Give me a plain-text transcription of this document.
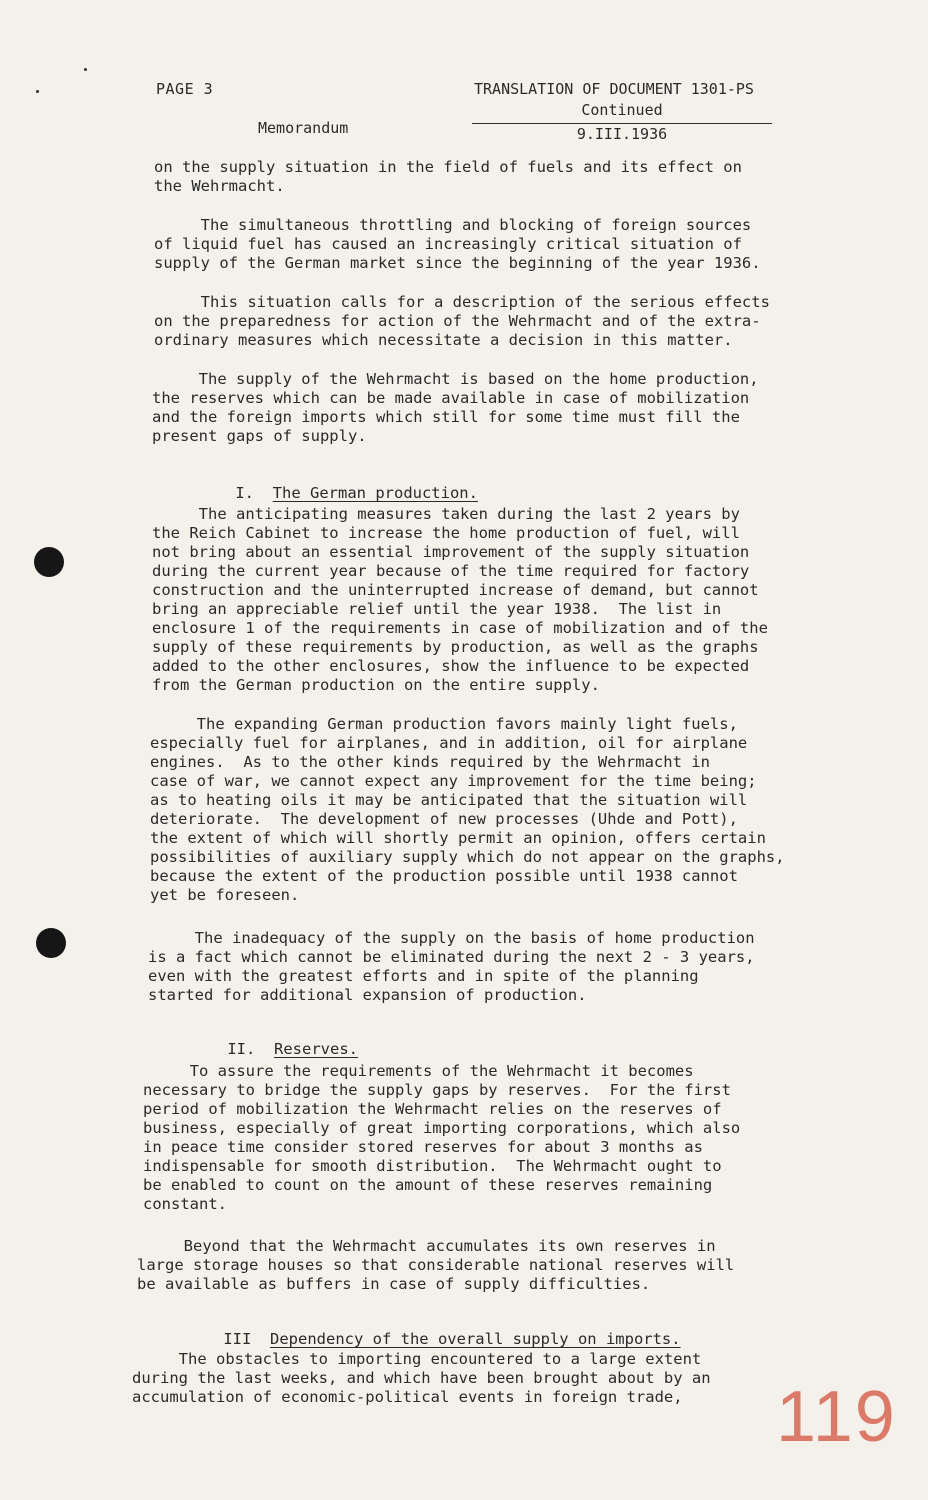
PAGE 3
Memorandum
TRANSLATION OF DOCUMENT 1301-PS
Continued
9.III.1936
on the supply situation in the field of fuels and its effect on
the Wehrmacht.
The simultaneous throttling and blocking of foreign sources
of liquid fuel has caused an increasingly critical situation of
supply of the German market since the beginning of the year 1936.
This situation calls for a description of the serious effects
on the preparedness for action of the Wehrmacht and of the extra-
ordinary measures which necessitate a decision in this matter.
The supply of the Wehrmacht is based on the home production,
the reserves which can be made available in case of mobilization
and the foreign imports which still for some time must fill the
present gaps of supply.

I. The German production.

The anticipating measures taken during the last 2 years by
the Reich Cabinet to increase the home production of fuel, will
not bring about an essential improvement of the supply situation
during the current year because of the time required for factory
construction and the uninterrupted increase of demand, but cannot
bring an appreciable relief until the year 1938.  The list in
enclosure 1 of the requirements in case of mobilization and of the
supply of these requirements by production, as well as the graphs
added to the other enclosures, show the influence to be expected
from the German production on the entire supply.
The expanding German production favors mainly light fuels,
especially fuel for airplanes, and in addition, oil for airplane
engines.  As to the other kinds required by the Wehrmacht in
case of war, we cannot expect any improvement for the time being;
as to heating oils it may be anticipated that the situation will
deteriorate.  The development of new processes (Uhde and Pott),
the extent of which will shortly permit an opinion, offers certain
possibilities of auxiliary supply which do not appear on the graphs,
because the extent of the production possible until 1938 cannot
yet be foreseen.
The inadequacy of the supply on the basis of home production
is a fact which cannot be eliminated during the next 2 - 3 years,
even with the greatest efforts and in spite of the planning
started for additional expansion of production.

II. Reserves.

To assure the requirements of the Wehrmacht it becomes
necessary to bridge the supply gaps by reserves.  For the first
period of mobilization the Wehrmacht relies on the reserves of
business, especially of great importing corporations, which also
in peace time consider stored reserves for about 3 months as
indispensable for smooth distribution.  The Wehrmacht ought to
be enabled to count on the amount of these reserves remaining
constant.
Beyond that the Wehrmacht accumulates its own reserves in
large storage houses so that considerable national reserves will
be available as buffers in case of supply difficulties.

III Dependency of the overall supply on imports.

The obstacles to importing encountered to a large extent
during the last weeks, and which have been brought about by an
accumulation of economic-political events in foreign trade,	119
